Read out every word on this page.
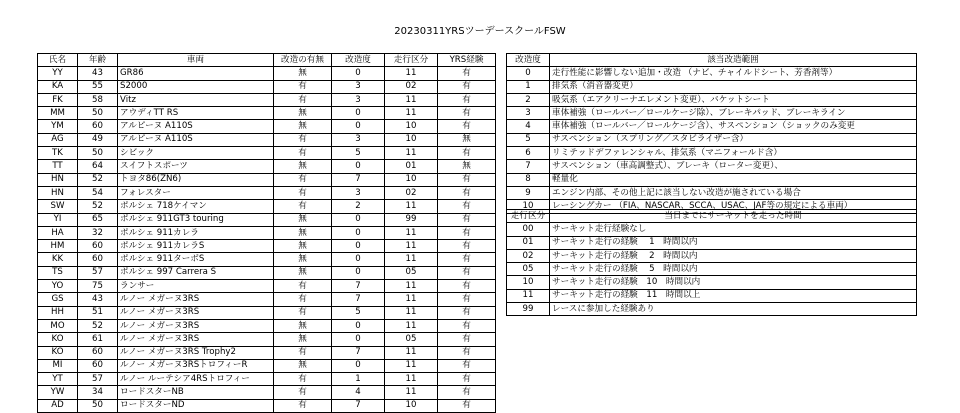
20230311YRSツーデースクールFSW
氏名	年齢	車両	改造の有無	改造度	走行区分	YRS経験
YY	43	GR86	無	0	11	有
KA	55	S2000	有	3	02	有
FK	58	Vitz	有	3	11	有
MM	50	アウディTT RS	無	0	11	有
YM	60	アルピーヌ A110S	無	0	10	有
AG	49	アルピーヌ A110S	有	3	10	無
TK	50	シビック	有	5	11	有
TT	64	スイフトスポーツ	無	0	01	無
HN	52	トヨタ86(ZN6)	有	7	10	有
HN	54	フォレスター	有	3	02	有
SW	52	ポルシェ 718ケイマン	有	2	11	有
YI	65	ポルシェ 911GT3 touring	無	0	99	有
HA	32	ポルシェ 911カレラ	無	0	11	有
HM	60	ポルシェ 911カレラS	無	0	11	有
KK	60	ポルシェ 911ターボS	無	0	11	有
TS	57	ポルシェ 997 Carrera S	無	0	05	有
YO	75	ランサー	有	7	11	有
GS	43	ルノー メガーヌ3RS	有	7	11	有
HH	51	ルノー メガーヌ3RS	有	5	11	有
MO	52	ルノー メガーヌ3RS	無	0	11	有
KO	61	ルノー メガーヌ3RS	無	0	05	有
KO	60	ルノー メガーヌ3RS Trophy2	有	7	11	有
MI	60	ルノー メガーヌ3RSトロフィーR	無	0	11	有
YT	57	ルノー ルーテシア4RSトロフィー	有	1	11	有
YW	34	ロードスターNB	有	4	11	有
AD	50	ロードスターND	有	7	10	有
改造度	該当改造範囲
0	走行性能に影響しない追加・改造 （ナビ、チャイルドシート、芳香剤等）
1	排気系（消音器変更）
2	吸気系（エアクリーナエレメント変更）、バケットシート
3	車体補強（ロールバー／ロールケージ除）、ブレーキパッド、ブレーキライン
4	車体補強（ロールバー／ロールケージ含）、サスペンション（ショックのみ変更
5	サスペンション（スプリング／スタビライザー含）
6	リミテッドデファレンシャル、排気系（マニフォールド含）
7	サスペンション（車高調整式）、ブレーキ（ローター変更）、
8	軽量化
9	エンジン内部、その他上記に該当しない改造が施されている場合
10	レーシングカー （FIA、NASCAR、SCCA、USAC、JAF等の規定による車両）
走行区分	当日までにサーキットを走った時間
00	サーキット走行経験なし
01	サーキット走行の経験　 1　時間以内
02	サーキット走行の経験　 2　時間以内
05	サーキット走行の経験　 5　時間以内
10	サーキット走行の経験　10　時間以内
11	サーキット走行の経験　11　時間以上
99	レースに参加した経験あり
